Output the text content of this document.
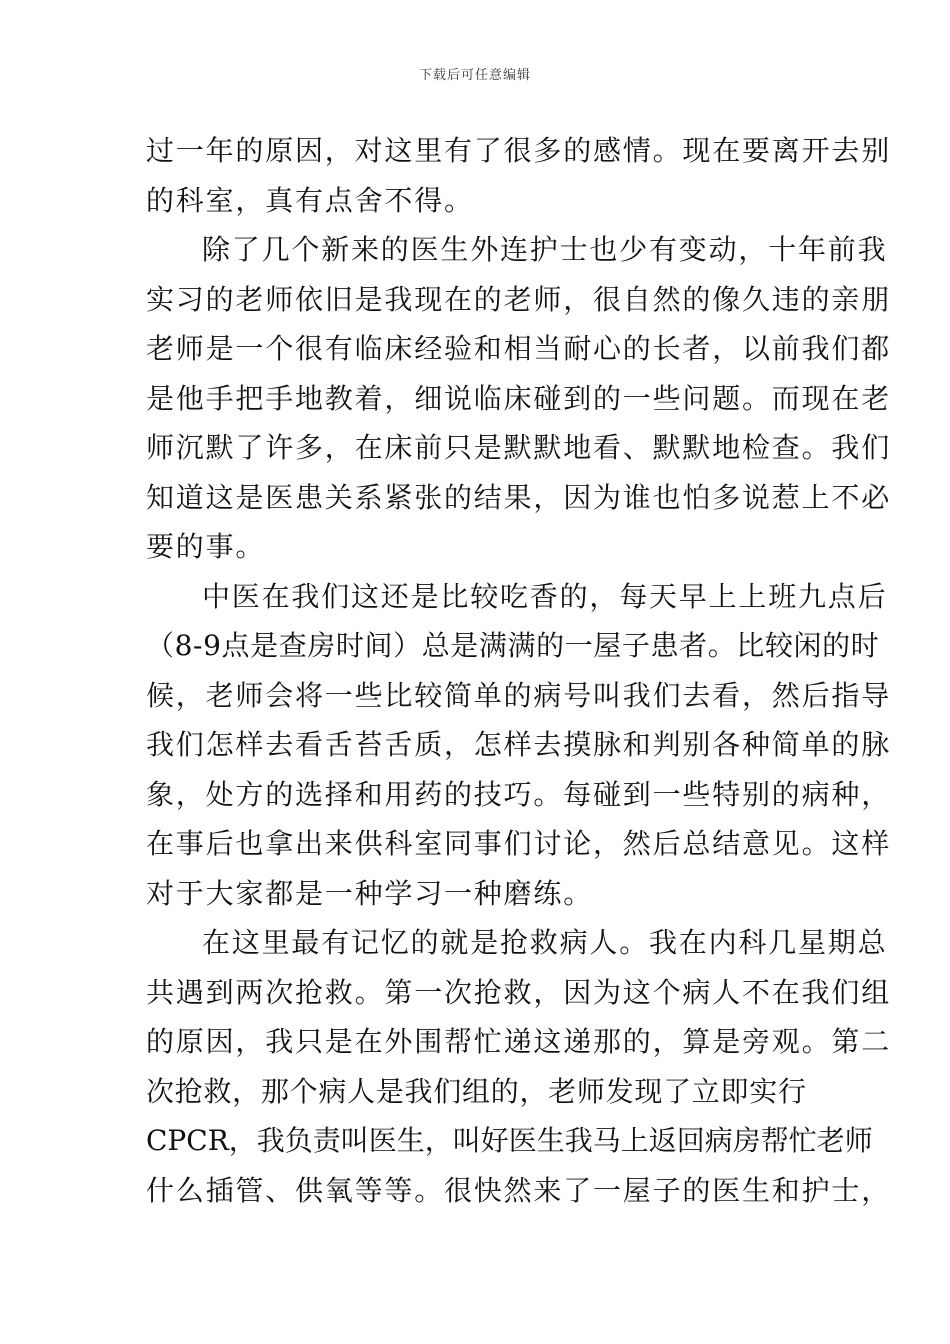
下载后可任意编辑
过一年的原因，对这里有了很多的感情。现在要离开去别
的科室，真有点舍不得。
除了几个新来的医生外连护士也少有变动，十年前我
实习的老师依旧是我现在的老师，很自然的像久违的亲朋
老师是一个很有临床经验和相当耐心的长者，以前我们都
是他手把手地教着，细说临床碰到的一些问题。而现在老
师沉默了许多，在床前只是默默地看、默默地检查。我们
知道这是医患关系紧张的结果，因为谁也怕多说惹上不必
要的事。
中医在我们这还是比较吃香的，每天早上上班九点后
（8-9点是查房时间）总是满满的一屋子患者。比较闲的时
候，老师会将一些比较简单的病号叫我们去看，然后指导
我们怎样去看舌苔舌质，怎样去摸脉和判别各种简单的脉
象，处方的选择和用药的技巧。每碰到一些特别的病种，
在事后也拿出来供科室同事们讨论，然后总结意见。这样
对于大家都是一种学习一种磨练。
在这里最有记忆的就是抢救病人。我在内科几星期总
共遇到两次抢救。第一次抢救，因为这个病人不在我们组
的原因，我只是在外围帮忙递这递那的，算是旁观。第二
次抢救，那个病人是我们组的，老师发现了立即实行
CPCR，我负责叫医生，叫好医生我马上返回病房帮忙老师
什么插管、供氧等等。很快然来了一屋子的医生和护士，
